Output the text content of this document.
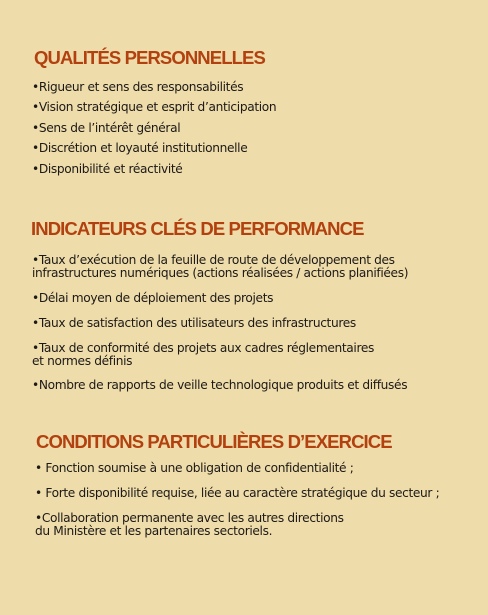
QUALITÉS PERSONNELLES

•Rigueur et sens des responsabilités

•Vision stratégique et esprit d’anticipation

•Sens de l’intérêt général

•Discrétion et loyauté institutionnelle

•Disponibilité et réactivité

INDICATEURS CLÉS DE PERFORMANCE
•Taux d’exécution de la feuille de route de développement des
infrastructures numériques (actions réalisées / actions planifiées)
•Délai moyen de déploiement des projets
•Taux de satisfaction des utilisateurs des infrastructures
•Taux de conformité des projets aux cadres réglementaires
et normes définis
•Nombre de rapports de veille technologique produits et diffusés
CONDITIONS PARTICULIÈRES D’EXERCICE
• Fonction soumise à une obligation de confidentialité ;
• Forte disponibilité requise, liée au caractère stratégique du secteur ;
•Collaboration permanente avec les autres directions
du Ministère et les partenaires sectoriels.
